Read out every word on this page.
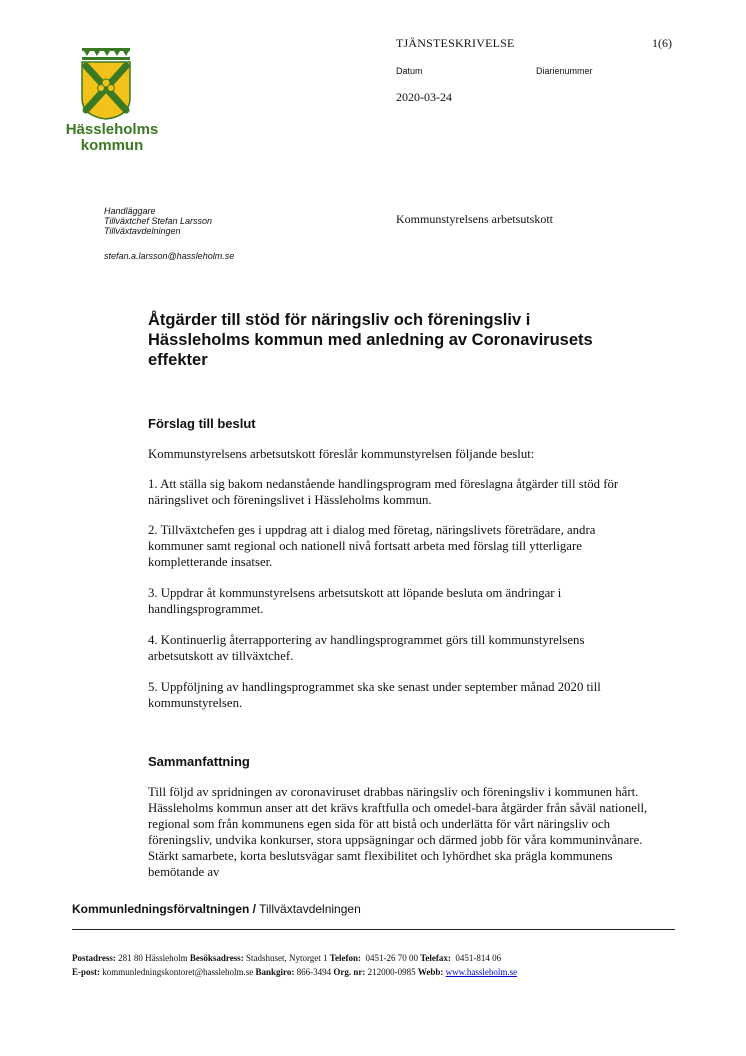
Hässleholms
kommun
TJÄNSTESKRIVELSE	1(6)
Datum	Diarienummer
2020-03-24
Handläggare
Tillväxtchef Stefan Larsson
Tillväxtavdelningen
stefan.a.larsson@hassleholm.se
Kommunstyrelsens arbetsutskott
Åtgärder till stöd för näringsliv och föreningsliv i Hässleholms kommun med anledning av Coronavirusets effekter
Förslag till beslut
Kommunstyrelsens arbetsutskott föreslår kommunstyrelsen följande beslut:
1. Att ställa sig bakom nedanstående handlingsprogram med föreslagna åtgärder till stöd för näringslivet och föreningslivet i Hässleholms kommun.
2. Tillväxtchefen ges i uppdrag att i dialog med företag, näringslivets företrädare, andra kommuner samt regional och nationell nivå fortsatt arbeta med förslag till ytterligare kompletterande insatser.
3. Uppdrar åt kommunstyrelsens arbetsutskott att löpande besluta om ändringar i handlingsprogrammet.
4. Kontinuerlig återrapportering av handlingsprogrammet görs till kommunstyrelsens arbetsutskott av tillväxtchef.
5. Uppföljning av handlingsprogrammet ska ske senast under september månad 2020 till kommunstyrelsen.
Sammanfattning
Till följd av spridningen av coronaviruset drabbas näringsliv och föreningsliv i kommunen hårt. Hässleholms kommun anser att det krävs kraftfulla och omedel-bara åtgärder från såväl nationell, regional som från kommunens egen sida för att bistå och underlätta för vårt näringsliv och föreningsliv, undvika konkurser, stora uppsägningar och därmed jobb för våra kommuninvånare. Stärkt samarbete, korta beslutsvägar samt flexibilitet och lyhördhet ska prägla kommunens bemötande av
Kommunledningsförvaltningen / Tillväxtavdelningen
Postadress: 281 80 Hässleholm Besöksadress: Stadshuset, Nytorget 1 Telefon: 0451-26 70 00 Telefax: 0451-814 06
E-post: kommunledningskontoret@hassleholm.se Bankgiro: 866-3494 Org. nr: 212000-0985 Webb: www.hassleholm.se
